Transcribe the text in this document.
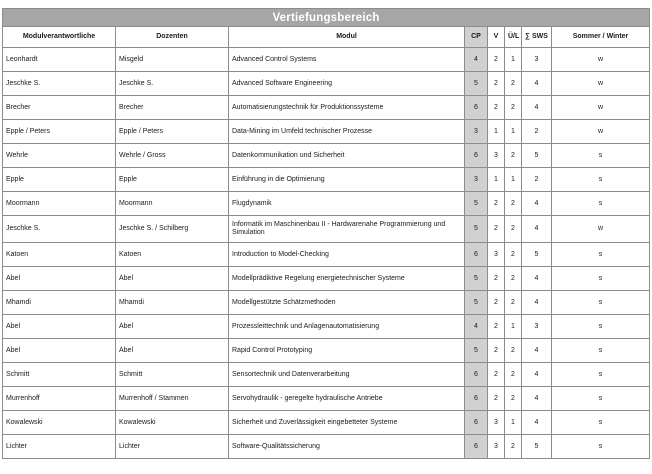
Vertiefungsbereich							
Modulverantwortliche	Dozenten	Modul	CP	V	Ü/L	∑ SWS	Sommer / Winter
Leonhardt	Misgeld	Advanced Control Systems	4	2	1	3	w
Jeschke S.	Jeschke S.	Advanced Software Engineering	5	2	2	4	w
Brecher	Brecher	Automatisierungstechnik für Produktionssysteme	6	2	2	4	w
Epple / Peters	Epple / Peters	Data-Mining im Umfeld technischer Prozesse	3	1	1	2	w
Wehrle	Wehrle / Gross	Datenkommunikation und Sicherheit	6	3	2	5	s
Epple	Epple	Einführung in die Optimierung	3	1	1	2	s
Moormann	Moormann	Flugdynamik	5	2	2	4	s
Jeschke S.	Jeschke S. / Schilberg	Informatik im Maschinenbau II - Hardwarenahe Programmierung und Simulation	5	2	2	4	w
Katoen	Katoen	Introduction to Model-Checking	6	3	2	5	s
Abel	Abel	Modellprädiktive Regelung energietechnischer Systeme	5	2	2	4	s
Mhamdi	Mhamdi	Modellgestützte Schätzmethoden	5	2	2	4	s
Abel	Abel	Prozessleittechnik und Anlagenautomatisierung	4	2	1	3	s
Abel	Abel	Rapid Control Prototyping	5	2	2	4	s
Schmitt	Schmitt	Sensortechnik und Datenverarbeitung	6	2	2	4	s
Murrenhoff	Murrenhoff / Stammen	Servohydraulik - geregelte hydraulische Antriebe	6	2	2	4	s
Kowalewski	Kowalewski	Sicherheit und Zuverlässigkeit eingebetteter Systeme	6	3	1	4	s
Lichter	Lichter	Software-Qualitätssicherung	6	3	2	5	s
